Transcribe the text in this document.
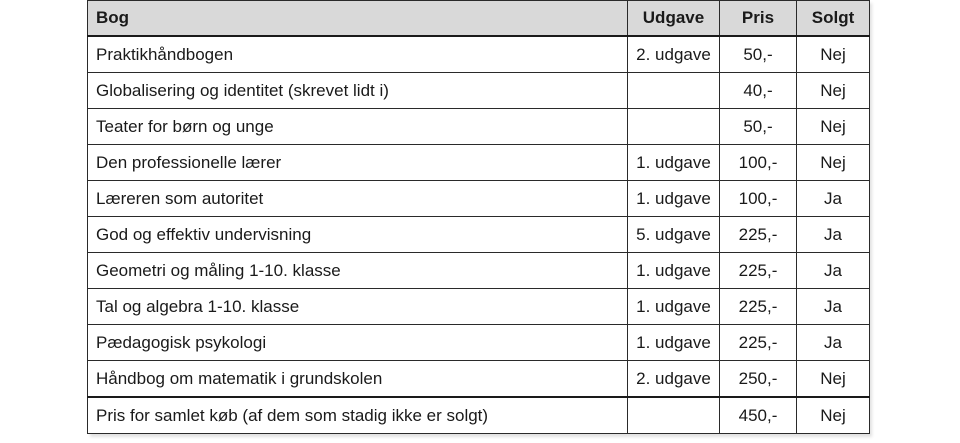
Bog	Udgave	Pris	Solgt
Praktikhåndbogen	2. udgave	50,-	Nej
Globalisering og identitet (skrevet lidt i)		40,-	Nej
Teater for børn og unge		50,-	Nej
Den professionelle lærer	1. udgave	100,-	Nej
Læreren som autoritet	1. udgave	100,-	Ja
God og effektiv undervisning	5. udgave	225,-	Ja
Geometri og måling 1-10. klasse	1. udgave	225,-	Ja
Tal og algebra 1-10. klasse	1. udgave	225,-	Ja
Pædagogisk psykologi	1. udgave	225,-	Ja
Håndbog om matematik i grundskolen	2. udgave	250,-	Nej
Pris for samlet køb (af dem som stadig ikke er solgt)		450,-	Nej
